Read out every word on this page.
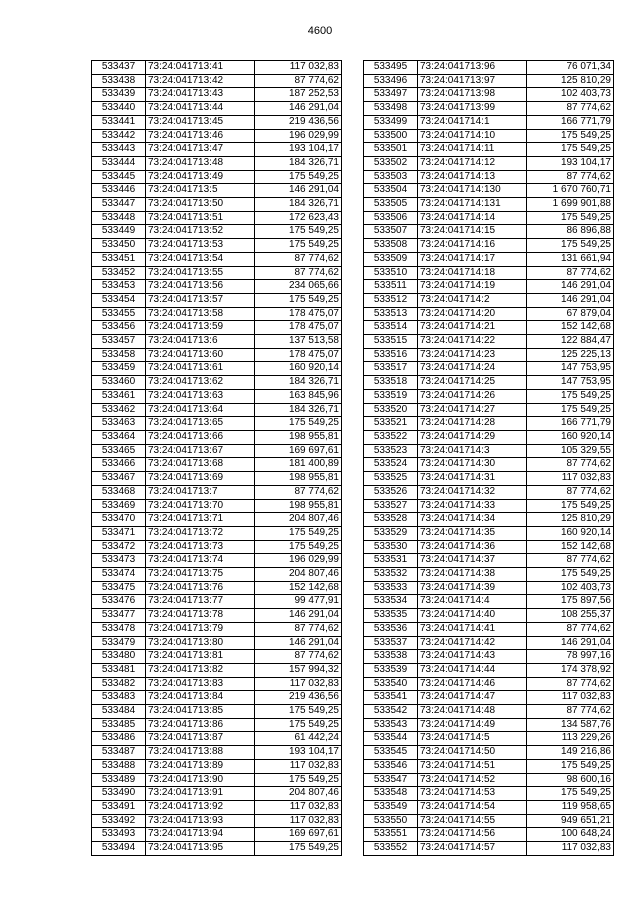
4600
533437	73:24:041713:41	117 032,83
533438	73:24:041713:42	87 774,62
533439	73:24:041713:43	187 252,53
533440	73:24:041713:44	146 291,04
533441	73:24:041713:45	219 436,56
533442	73:24:041713:46	196 029,99
533443	73:24:041713:47	193 104,17
533444	73:24:041713:48	184 326,71
533445	73:24:041713:49	175 549,25
533446	73:24:041713:5	146 291,04
533447	73:24:041713:50	184 326,71
533448	73:24:041713:51	172 623,43
533449	73:24:041713:52	175 549,25
533450	73:24:041713:53	175 549,25
533451	73:24:041713:54	87 774,62
533452	73:24:041713:55	87 774,62
533453	73:24:041713:56	234 065,66
533454	73:24:041713:57	175 549,25
533455	73:24:041713:58	178 475,07
533456	73:24:041713:59	178 475,07
533457	73:24:041713:6	137 513,58
533458	73:24:041713:60	178 475,07
533459	73:24:041713:61	160 920,14
533460	73:24:041713:62	184 326,71
533461	73:24:041713:63	163 845,96
533462	73:24:041713:64	184 326,71
533463	73:24:041713:65	175 549,25
533464	73:24:041713:66	198 955,81
533465	73:24:041713:67	169 697,61
533466	73:24:041713:68	181 400,89
533467	73:24:041713:69	198 955,81
533468	73:24:041713:7	87 774,62
533469	73:24:041713:70	198 955,81
533470	73:24:041713:71	204 807,46
533471	73:24:041713:72	175 549,25
533472	73:24:041713:73	175 549,25
533473	73:24:041713:74	196 029,99
533474	73:24:041713:75	204 807,46
533475	73:24:041713:76	152 142,68
533476	73:24:041713:77	99 477,91
533477	73:24:041713:78	146 291,04
533478	73:24:041713:79	87 774,62
533479	73:24:041713:80	146 291,04
533480	73:24:041713:81	87 774,62
533481	73:24:041713:82	157 994,32
533482	73:24:041713:83	117 032,83
533483	73:24:041713:84	219 436,56
533484	73:24:041713:85	175 549,25
533485	73:24:041713:86	175 549,25
533486	73:24:041713:87	61 442,24
533487	73:24:041713:88	193 104,17
533488	73:24:041713:89	117 032,83
533489	73:24:041713:90	175 549,25
533490	73:24:041713:91	204 807,46
533491	73:24:041713:92	117 032,83
533492	73:24:041713:93	117 032,83
533493	73:24:041713:94	169 697,61
533494	73:24:041713:95	175 549,25
533495	73:24:041713:96	76 071,34
533496	73:24:041713:97	125 810,29
533497	73:24:041713:98	102 403,73
533498	73:24:041713:99	87 774,62
533499	73:24:041714:1	166 771,79
533500	73:24:041714:10	175 549,25
533501	73:24:041714:11	175 549,25
533502	73:24:041714:12	193 104,17
533503	73:24:041714:13	87 774,62
533504	73:24:041714:130	1 670 760,71
533505	73:24:041714:131	1 699 901,88
533506	73:24:041714:14	175 549,25
533507	73:24:041714:15	86 896,88
533508	73:24:041714:16	175 549,25
533509	73:24:041714:17	131 661,94
533510	73:24:041714:18	87 774,62
533511	73:24:041714:19	146 291,04
533512	73:24:041714:2	146 291,04
533513	73:24:041714:20	67 879,04
533514	73:24:041714:21	152 142,68
533515	73:24:041714:22	122 884,47
533516	73:24:041714:23	125 225,13
533517	73:24:041714:24	147 753,95
533518	73:24:041714:25	147 753,95
533519	73:24:041714:26	175 549,25
533520	73:24:041714:27	175 549,25
533521	73:24:041714:28	166 771,79
533522	73:24:041714:29	160 920,14
533523	73:24:041714:3	105 329,55
533524	73:24:041714:30	87 774,62
533525	73:24:041714:31	117 032,83
533526	73:24:041714:32	87 774,62
533527	73:24:041714:33	175 549,25
533528	73:24:041714:34	125 810,29
533529	73:24:041714:35	160 920,14
533530	73:24:041714:36	152 142,68
533531	73:24:041714:37	87 774,62
533532	73:24:041714:38	175 549,25
533533	73:24:041714:39	102 403,73
533534	73:24:041714:4	175 897,56
533535	73:24:041714:40	108 255,37
533536	73:24:041714:41	87 774,62
533537	73:24:041714:42	146 291,04
533538	73:24:041714:43	78 997,16
533539	73:24:041714:44	174 378,92
533540	73:24:041714:46	87 774,62
533541	73:24:041714:47	117 032,83
533542	73:24:041714:48	87 774,62
533543	73:24:041714:49	134 587,76
533544	73:24:041714:5	113 229,26
533545	73:24:041714:50	149 216,86
533546	73:24:041714:51	175 549,25
533547	73:24:041714:52	98 600,16
533548	73:24:041714:53	175 549,25
533549	73:24:041714:54	119 958,65
533550	73:24:041714:55	949 651,21
533551	73:24:041714:56	100 648,24
533552	73:24:041714:57	117 032,83
